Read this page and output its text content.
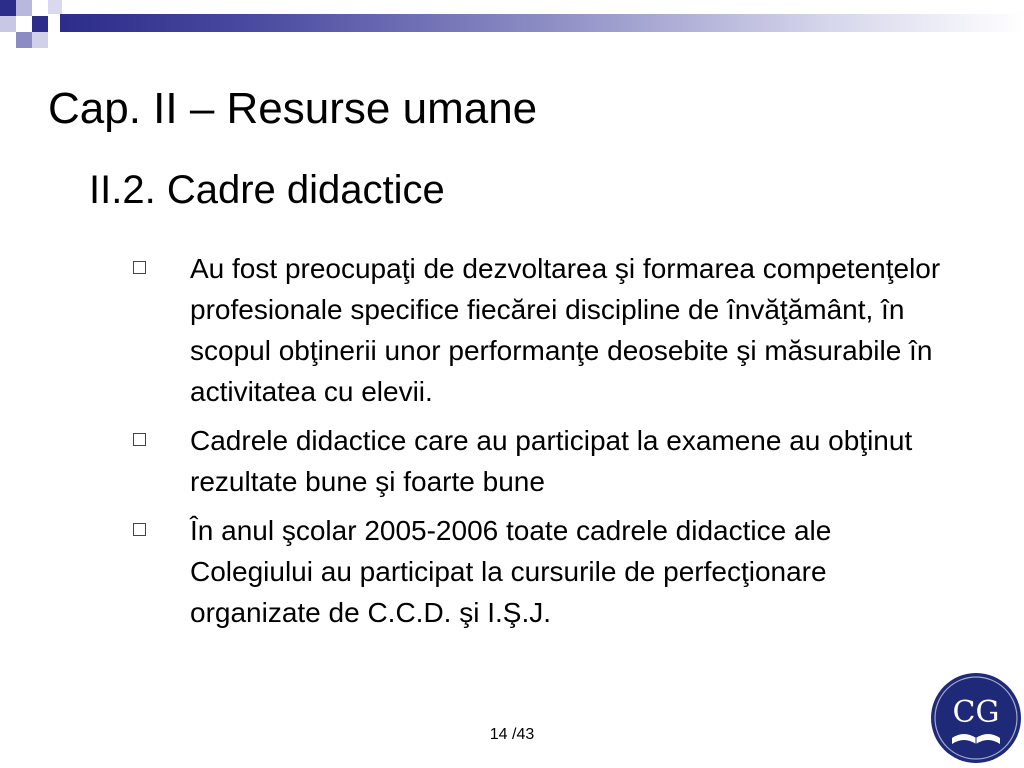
Cap. II – Resurse umane
II.2. Cadre didactice
Au fost preocupaţi de dezvoltarea şi formarea competenţelor profesionale specifice fiecărei discipline de învăţământ, în scopul obţinerii unor performanţe deosebite şi măsurabile în activitatea cu elevii.
Cadrele didactice care au participat la examene au obţinut rezultate bune şi foarte bune
În anul şcolar 2005-2006 toate cadrele didactice ale Colegiului au participat la cursurile de perfecţionare organizate de C.C.D. şi I.Ş.J.
14 /43
CG
